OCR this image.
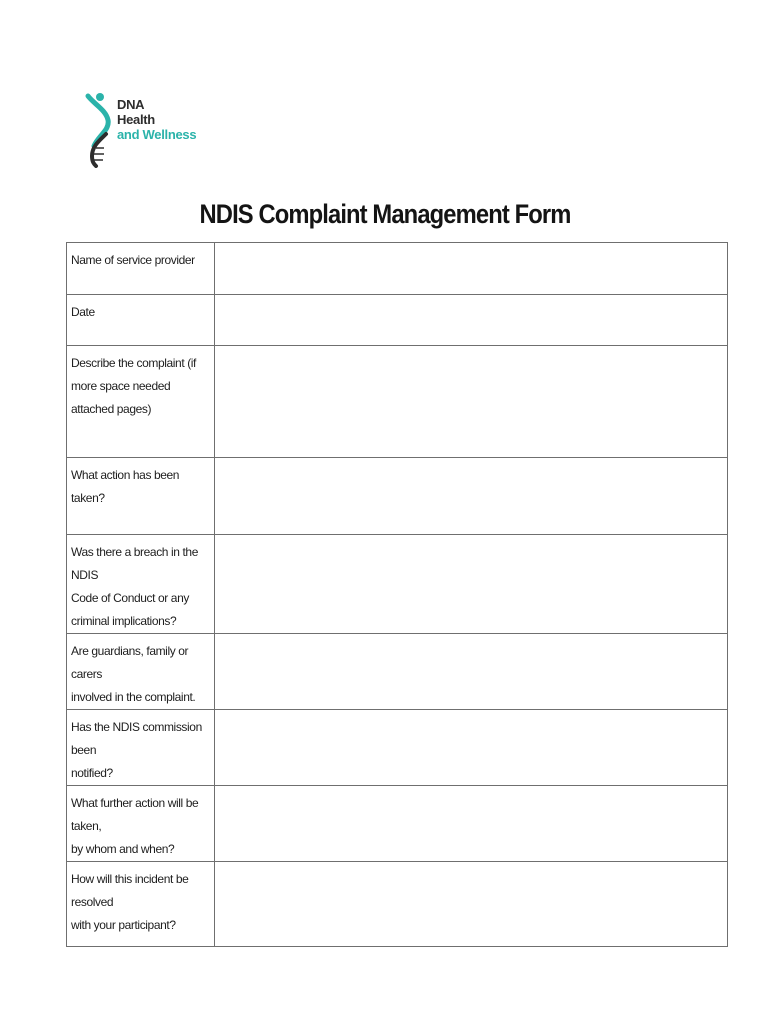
DNA
Health
and Wellness
NDIS Complaint Management Form
Name of service provider	

Date	

Describe the complaint (if
more space needed
attached pages)	

What action has been taken?	

Was there a breach in the NDIS
Code of Conduct or any
criminal implications?	

Are guardians, family or carers
involved in the complaint.	

Has the NDIS commission been
notified?	

What further action will be taken,
by whom and when?	

How will this incident be resolved
with your participant?	
